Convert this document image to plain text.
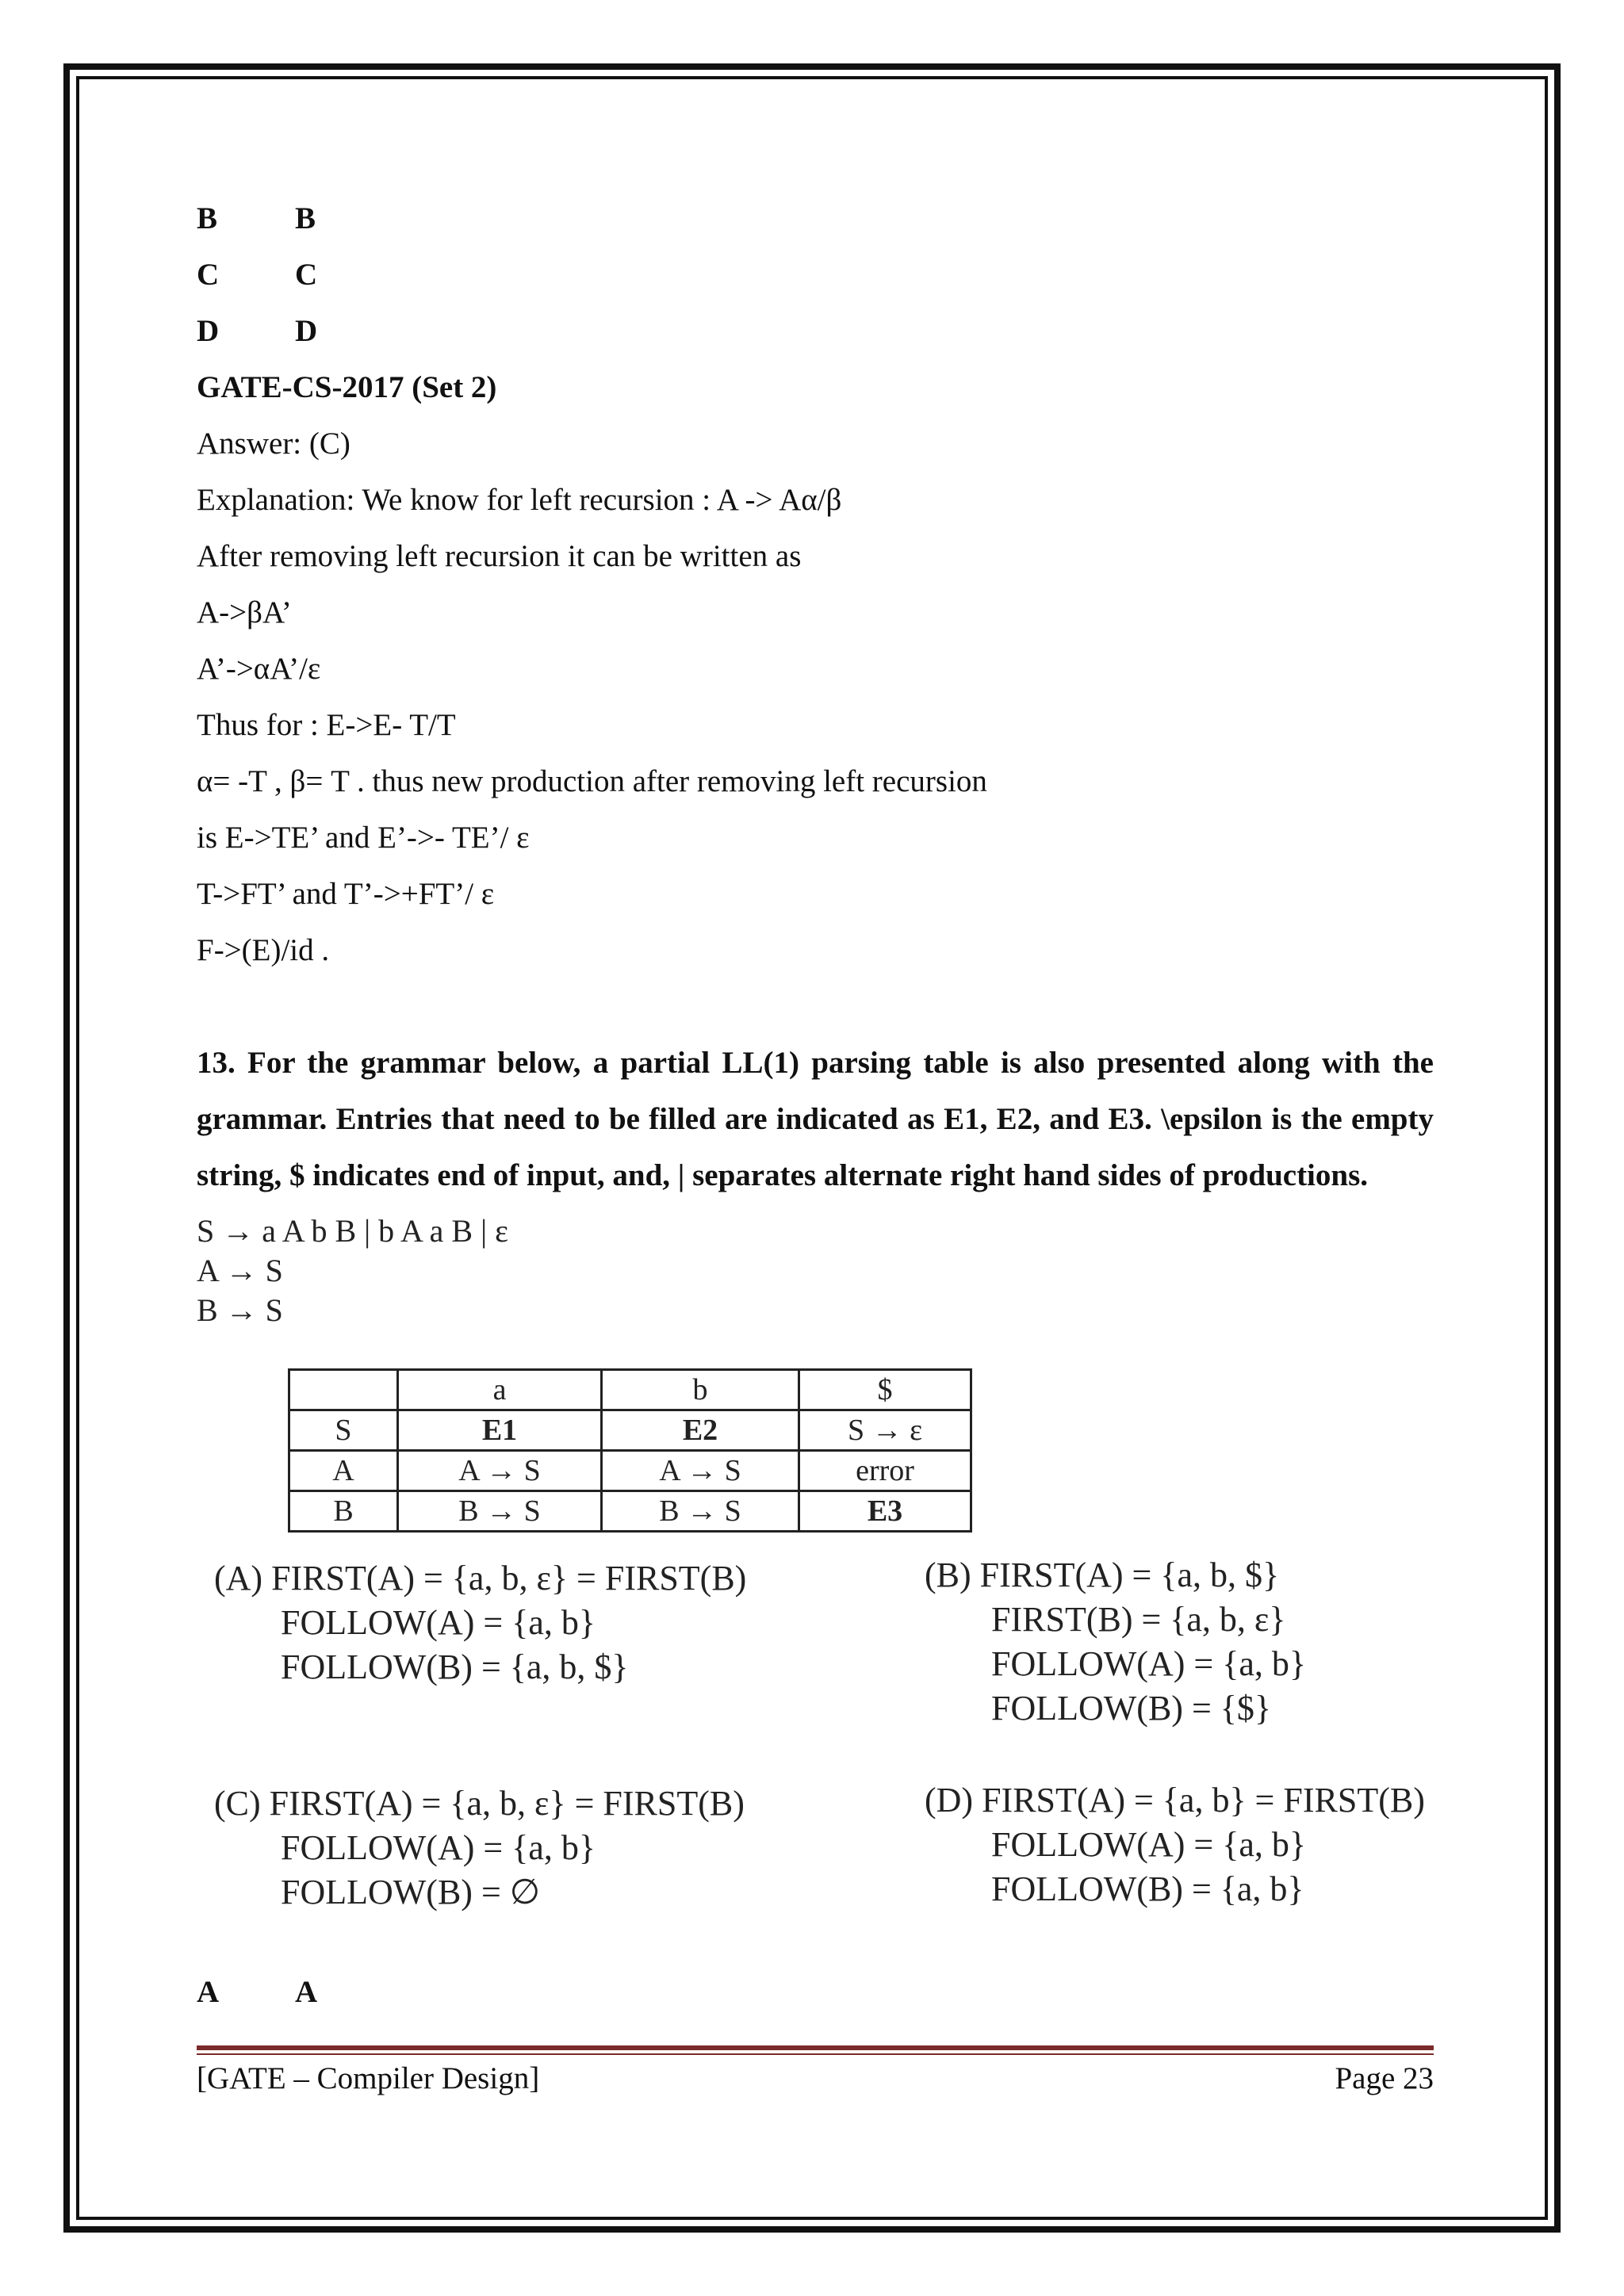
B	B
C	C
D	D
GATE-CS-2017 (Set 2)
Answer: (C)
Explanation: We know for left recursion : A -> Aα/β
After removing left recursion it can be written as
A->βA’
A’->αA’/ε
Thus for : E->E- T/T
α= -T , β= T . thus new production after removing left recursion
is E->TE’ and E’->- TE’/ ε
T->FT’ and T’->+FT’/ ε
F->(E)/id .
13. For the grammar below, a partial LL(1) parsing table is also presented along with the grammar. Entries that need to be filled are indicated as E1, E2, and E3. \epsilon is the empty string, $ indicates end of input, and, | separates alternate right hand sides of productions.
S → a A b B | b A a B | ε
A → S
B → S
	a	b	$
S	E1	E2	S → ε
A	A → S	A → S	error
B	B → S	B → S	E3
(A) FIRST(A) = {a, b, ε} = FIRST(B)
FOLLOW(A) = {a, b}
FOLLOW(B) = {a, b, $}
(B) FIRST(A) = {a, b, $}
FIRST(B) = {a, b, ε}
FOLLOW(A) = {a, b}
FOLLOW(B) = {$}
(C) FIRST(A) = {a, b, ε} = FIRST(B)
FOLLOW(A) = {a, b}
FOLLOW(B) = ∅
(D) FIRST(A) = {a, b} = FIRST(B)
FOLLOW(A) = {a, b}
FOLLOW(B) = {a, b}
A	A
[GATE – Compiler Design]	Page 23
